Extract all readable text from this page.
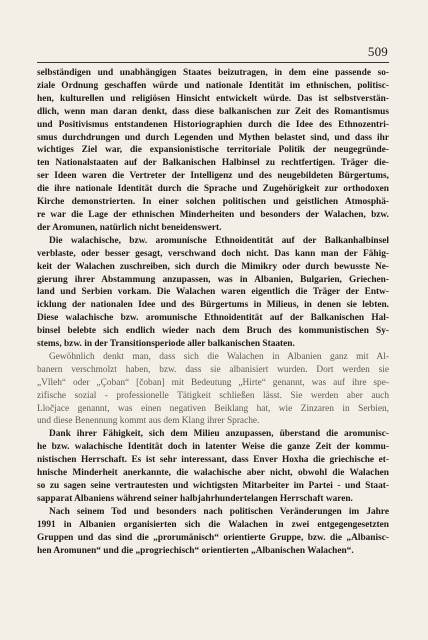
509
selbständigen und unabhängigen Staates beizutragen, in dem eine passende so-
ziale Ordnung geschaffen würde und nationale Identität im ethnischen, politisc-
hen, kulturellen und religiösen Hinsicht entwickelt würde. Das ist selbstverstän-
dlich, wenn man daran denkt, dass diese balkanischen zur Zeit des Romantismus
und Positivismus entstandenen Historiographien durch die Idee des Ethnozentri-
smus durchdrungen und durch Legenden und Mythen belastet sind, und dass ihr
wichtiges Ziel war, die expansionistische territoriale Politik der neugegründe-
ten Nationalstaaten auf der Balkanischen Halbinsel zu rechtfertigen. Träger die-
ser Ideen waren die Vertreter der Intelligenz und des neugebildeten Bürgertums,
die ihre nationale Identität durch die Sprache und Zugehörigkeit zur orthodoxen
Kirche demonstrierten. In einer solchen politischen und geistlichen Atmosphä-
re war die Lage der ethnischen Minderheiten und besonders der Walachen, bzw.
der Aromunen, natürlich nicht beneidenswert.
Die walachische, bzw. aromunische Ethnoidentität auf der Balkanhalbinsel
verblaste, oder besser gesagt, verschwand doch nicht. Das kann man der Fähig-
keit der Walachen zuschreiben, sich durch die Mimikry oder durch bewusste Ne-
gierung ihrer Abstammung anzupassen, was in Albanien, Bulgarien, Griechen-
land und Serbien vorkam. Die Walachen waren eigentlich die Träger der Entw-
icklung der nationalen Idee und des Bürgertums in Milieus, in denen sie lebten.
Diese walachische bzw. aromunische Ethnoidentität auf der Balkanischen Hal-
binsel belebte sich endlich wieder nach dem Bruch des kommunistischen Sy-
stems, bzw. in der Transitionsperiode aller balkanischen Staaten.
Gewöhnlich denkt man, dass sich die Walachen in Albanien ganz mit Al-
banern verschmolzt haben, bzw. dass sie albanisiert wurden. Dort werden sie
„Vlleh“ oder „Çoban“ [čoban] mit Bedeutung „Hirte“ genannt, was auf ihre spe-
zifische sozial - professionelle Tätigkeit schließen lässt. Sie werden aber auch
Lločjace genannt, was einen negativen Beiklang hat, wie Zinzaren in Serbien,
und diese Benennung kommt aus dem Klang ihrer Sprache.
Dank ihrer Fähigkeit, sich dem Milieu anzupassen, überstand die aromunisc-
he bzw. walachische Identität doch in latenter Weise die ganze Zeit der kommu-
nistischen Herrschaft. Es ist sehr interessant, dass Enver Hoxha die griechische et-
hnische Minderheit anerkannte, die walachische aber nicht, obwohl die Walachen
so zu sagen seine vertrautesten und wichtigsten Mitarbeiter im Partei - und Staat-
sapparat Albaniens während seiner halbjahrhundertelangen Herrschaft waren.
Nach seinem Tod und besonders nach politischen Veränderungen im Jahre
1991 in Albanien organisierten sich die Walachen in zwei entgegengesetzten
Gruppen und das sind die „prorumänisch“ orientierte Gruppe, bzw. die „Albanisc-
hen Aromunen“ und die „progriechisch“ orientierten „Albanischen Walachen“.
